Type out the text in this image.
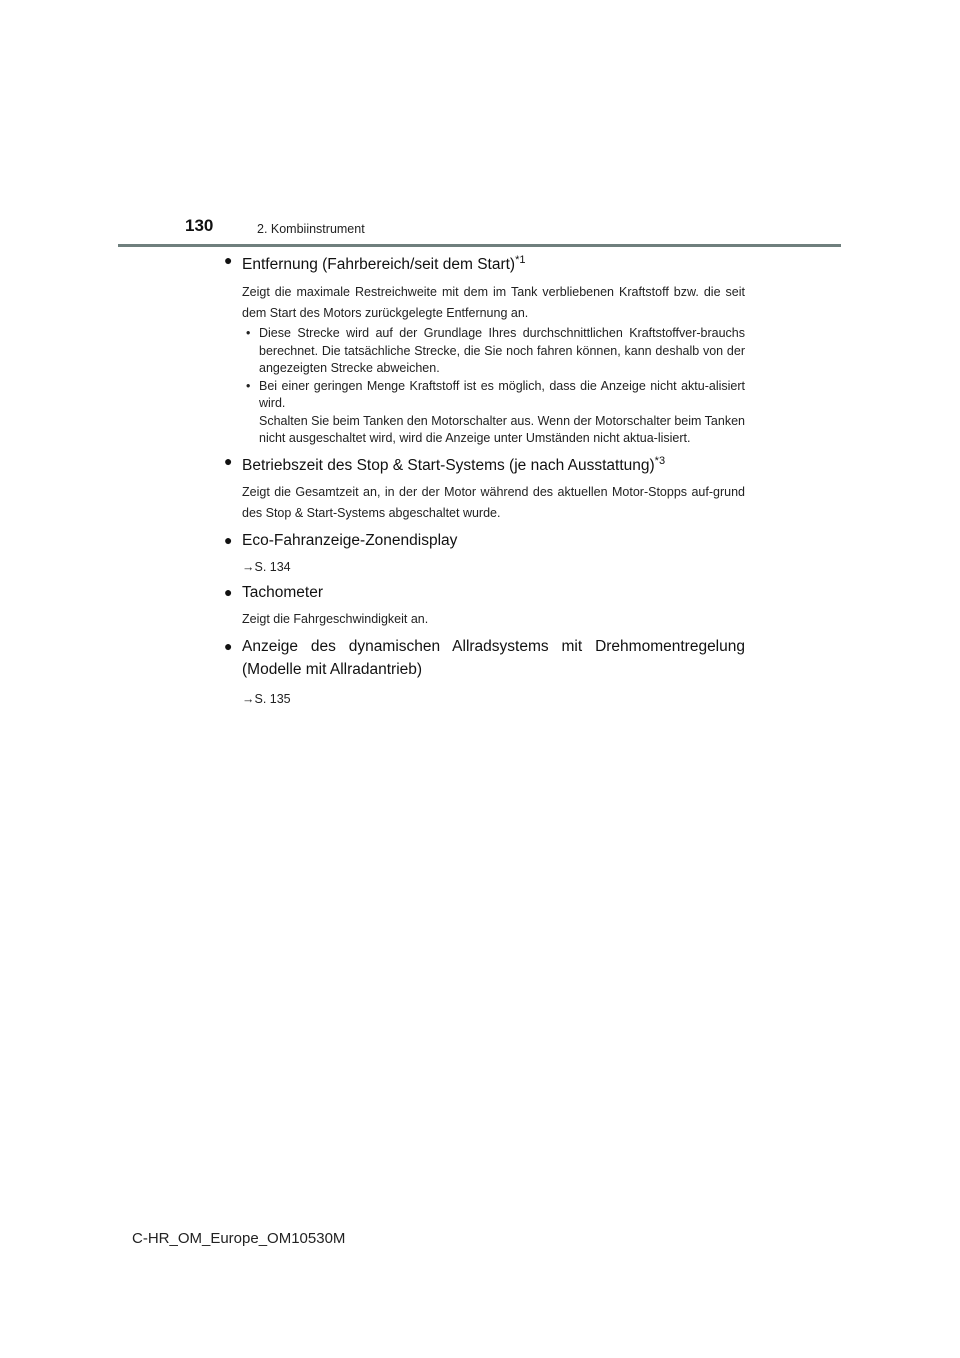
130	2. Kombiinstrument
● Entfernung (Fahrbereich/seit dem Start)$^{*1}$
Zeigt die maximale Restreichweite mit dem im Tank verbliebenen Kraftstoff bzw. die seit dem Start des Motors zurückgelegte Entfernung an.
• Diese Strecke wird auf der Grundlage Ihres durchschnittlichen Kraftstoffver-brauchs berechnet. Die tatsächliche Strecke, die Sie noch fahren können, kann deshalb von der angezeigten Strecke abweichen.
• Bei einer geringen Menge Kraftstoff ist es möglich, dass die Anzeige nicht aktu-alisiert wird.
Schalten Sie beim Tanken den Motorschalter aus. Wenn der Motorschalter beim Tanken nicht ausgeschaltet wird, wird die Anzeige unter Umständen nicht aktua-lisiert.
● Betriebszeit des Stop & Start-Systems (je nach Ausstattung)$^{*3}$
Zeigt die Gesamtzeit an, in der der Motor während des aktuellen Motor-Stopps auf-grund des Stop & Start-Systems abgeschaltet wurde.
● Eco-Fahranzeige-Zonendisplay
→S. 134
● Tachometer
Zeigt die Fahrgeschwindigkeit an.
● Anzeige des dynamischen Allradsystems mit Drehmomentregelung (Modelle mit Allradantrieb)
→S. 135
C-HR_OM_Europe_OM10530M
